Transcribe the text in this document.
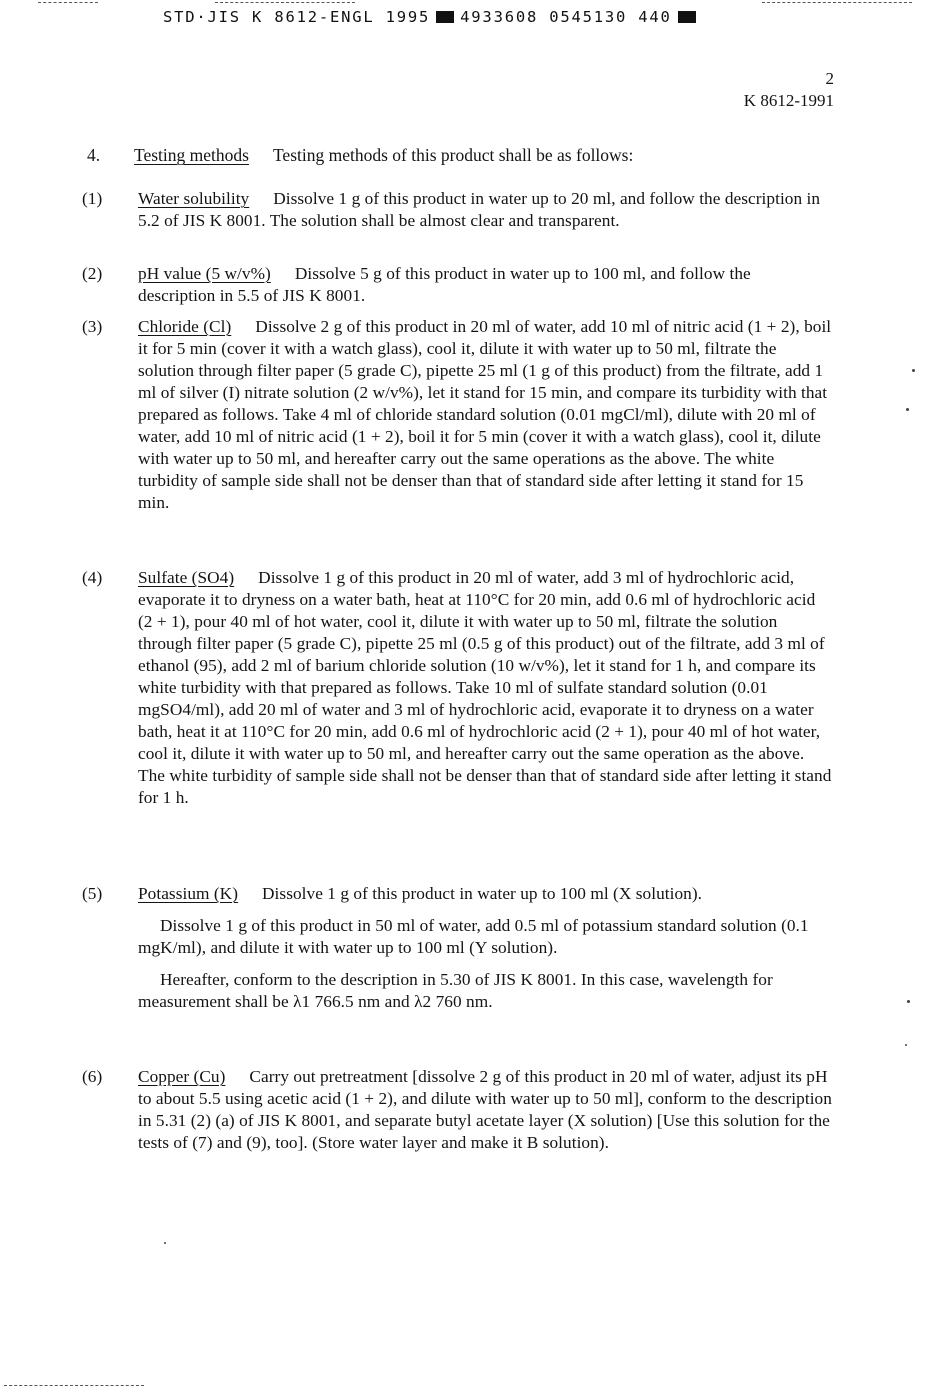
STD·JIS K 8612-ENGL 1995 4933608 0545130 440
2
K 8612-1991
4. Testing methods Testing methods of this product shall be as follows:
(1) Water solubility Dissolve 1 g of this product in water up to 20 ml, and follow the description in 5.2 of JIS K 8001. The solution shall be almost clear and transparent.

(2) pH value (5 w/v%) Dissolve 5 g of this product in water up to 100 ml, and follow the description in 5.5 of JIS K 8001.

(3) Chloride (Cl) Dissolve 2 g of this product in 20 ml of water, add 10 ml of nitric acid (1 + 2), boil it for 5 min (cover it with a watch glass), cool it, dilute it with water up to 50 ml, filtrate the solution through filter paper (5 grade C), pipette 25 ml (1 g of this product) from the filtrate, add 1 ml of silver (I) nitrate solution (2 w/v%), let it stand for 15 min, and compare its turbidity with that prepared as follows. Take 4 ml of chloride standard solution (0.01 mgCl/ml), dilute with 20 ml of water, add 10 ml of nitric acid (1 + 2), boil it for 5 min (cover it with a watch glass), cool it, dilute with water up to 50 ml, and hereafter carry out the same operations as the above. The white turbidity of sample side shall not be denser than that of standard side after letting it stand for 15 min.

(4) Sulfate (SO4) Dissolve 1 g of this product in 20 ml of water, add 3 ml of hydrochloric acid, evaporate it to dryness on a water bath, heat at 110°C for 20 min, add 0.6 ml of hydrochloric acid (2 + 1), pour 40 ml of hot water, cool it, dilute it with water up to 50 ml, filtrate the solution through filter paper (5 grade C), pipette 25 ml (0.5 g of this product) out of the filtrate, add 3 ml of ethanol (95), add 2 ml of barium chloride solution (10 w/v%), let it stand for 1 h, and compare its white turbidity with that prepared as follows. Take 10 ml of sulfate standard solution (0.01 mgSO4/ml), add 20 ml of water and 3 ml of hydrochloric acid, evaporate it to dryness on a water bath, heat it at 110°C for 20 min, add 0.6 ml of hydrochloric acid (2 + 1), pour 40 ml of hot water, cool it, dilute it with water up to 50 ml, and hereafter carry out the same operation as the above. The white turbidity of sample side shall not be denser than that of standard side after letting it stand for 1 h.

(5) Potassium (K) Dissolve 1 g of this product in water up to 100 ml (X solution).

Dissolve 1 g of this product in 50 ml of water, add 0.5 ml of potassium standard solution (0.1 mgK/ml), and dilute it with water up to 100 ml (Y solution).

Hereafter, conform to the description in 5.30 of JIS K 8001. In this case, wavelength for measurement shall be λ1 766.5 nm and λ2 760 nm.

(6) Copper (Cu) Carry out pretreatment [dissolve 2 g of this product in 20 ml of water, adjust its pH to about 5.5 using acetic acid (1 + 2), and dilute with water up to 50 ml], conform to the description in 5.31 (2) (a) of JIS K 8001, and separate butyl acetate layer (X solution) [Use this solution for the tests of (7) and (9), too]. (Store water layer and make it B solution).
